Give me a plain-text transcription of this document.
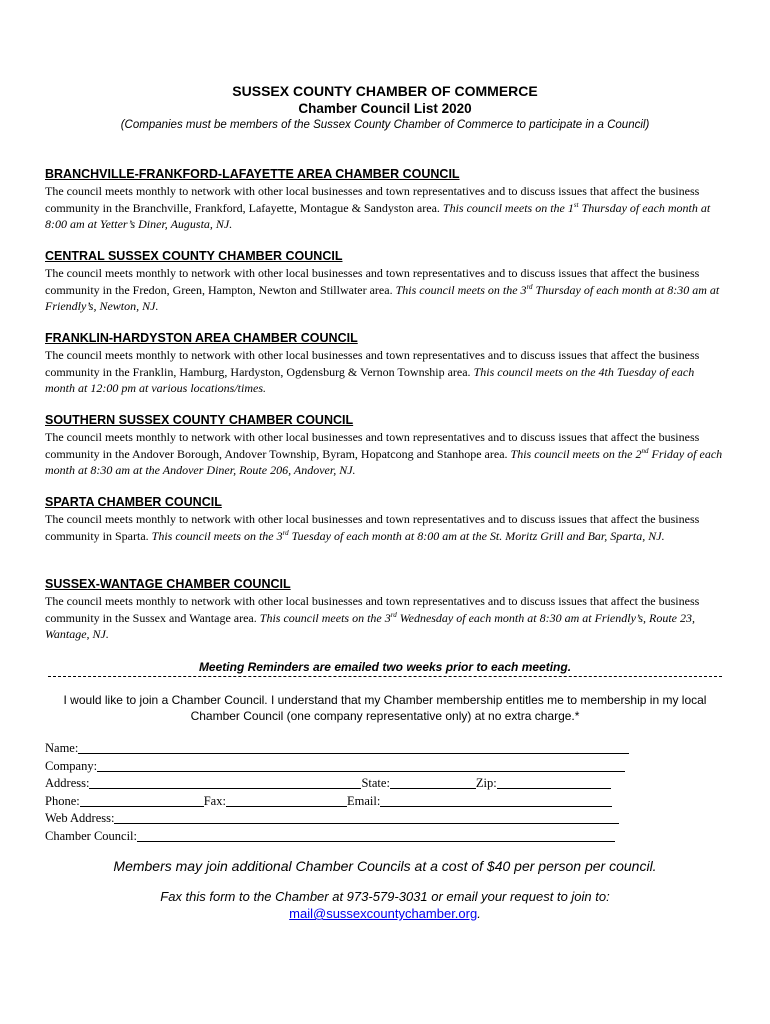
SUSSEX COUNTY CHAMBER OF COMMERCE
Chamber Council List 2020
(Companies must be members of the Sussex County Chamber of Commerce to participate in a Council)
BRANCHVILLE-FRANKFORD-LAFAYETTE AREA CHAMBER COUNCIL

The council meets monthly to network with other local businesses and town representatives and to discuss issues that affect the business community in the Branchville, Frankford, Lafayette, Montague & Sandyston area. This council meets on the 1st Thursday of each month at 8:00 am at Yetter’s Diner, Augusta, NJ.

CENTRAL SUSSEX COUNTY CHAMBER COUNCIL

The council meets monthly to network with other local businesses and town representatives and to discuss issues that affect the business community in the Fredon, Green, Hampton, Newton and Stillwater area. This council meets on the 3rd Thursday of each month at 8:30 am at Friendly’s, Newton, NJ.

FRANKLIN-HARDYSTON AREA CHAMBER COUNCIL

The council meets monthly to network with other local businesses and town representatives and to discuss issues that affect the business community in the Franklin, Hamburg, Hardyston, Ogdensburg & Vernon Township area. This council meets on the 4th Tuesday of each month at 12:00 pm at various locations/times.

SOUTHERN SUSSEX COUNTY CHAMBER COUNCIL

The council meets monthly to network with other local businesses and town representatives and to discuss issues that affect the business community in the Andover Borough, Andover Township, Byram, Hopatcong and Stanhope area. This council meets on the 2nd Friday of each month at 8:30 am at the Andover Diner, Route 206, Andover, NJ.

SPARTA CHAMBER COUNCIL

The council meets monthly to network with other local businesses and town representatives and to discuss issues that affect the business community in Sparta. This council meets on the 3rd Tuesday of each month at 8:00 am at the St. Moritz Grill and Bar, Sparta, NJ.

SUSSEX-WANTAGE CHAMBER COUNCIL

The council meets monthly to network with other local businesses and town representatives and to discuss issues that affect the business community in the Sussex and Wantage area. This council meets on the 3rd Wednesday of each month at 8:30 am at Friendly’s, Route 23, Wantage, NJ.

Meeting Reminders are emailed two weeks prior to each meeting.
I would like to join a Chamber Council. I understand that my Chamber membership entitles me to membership in my local Chamber Council (one company representative only) at no extra charge.*
Name:
Company:
Address:	State:	Zip:
Phone:	Fax:	Email:
Web Address:
Chamber Council:
Members may join additional Chamber Councils at a cost of $40 per person per council.
Fax this form to the Chamber at 973-579-3031 or email your request to join to:
mail@sussexcountychamber.org.
